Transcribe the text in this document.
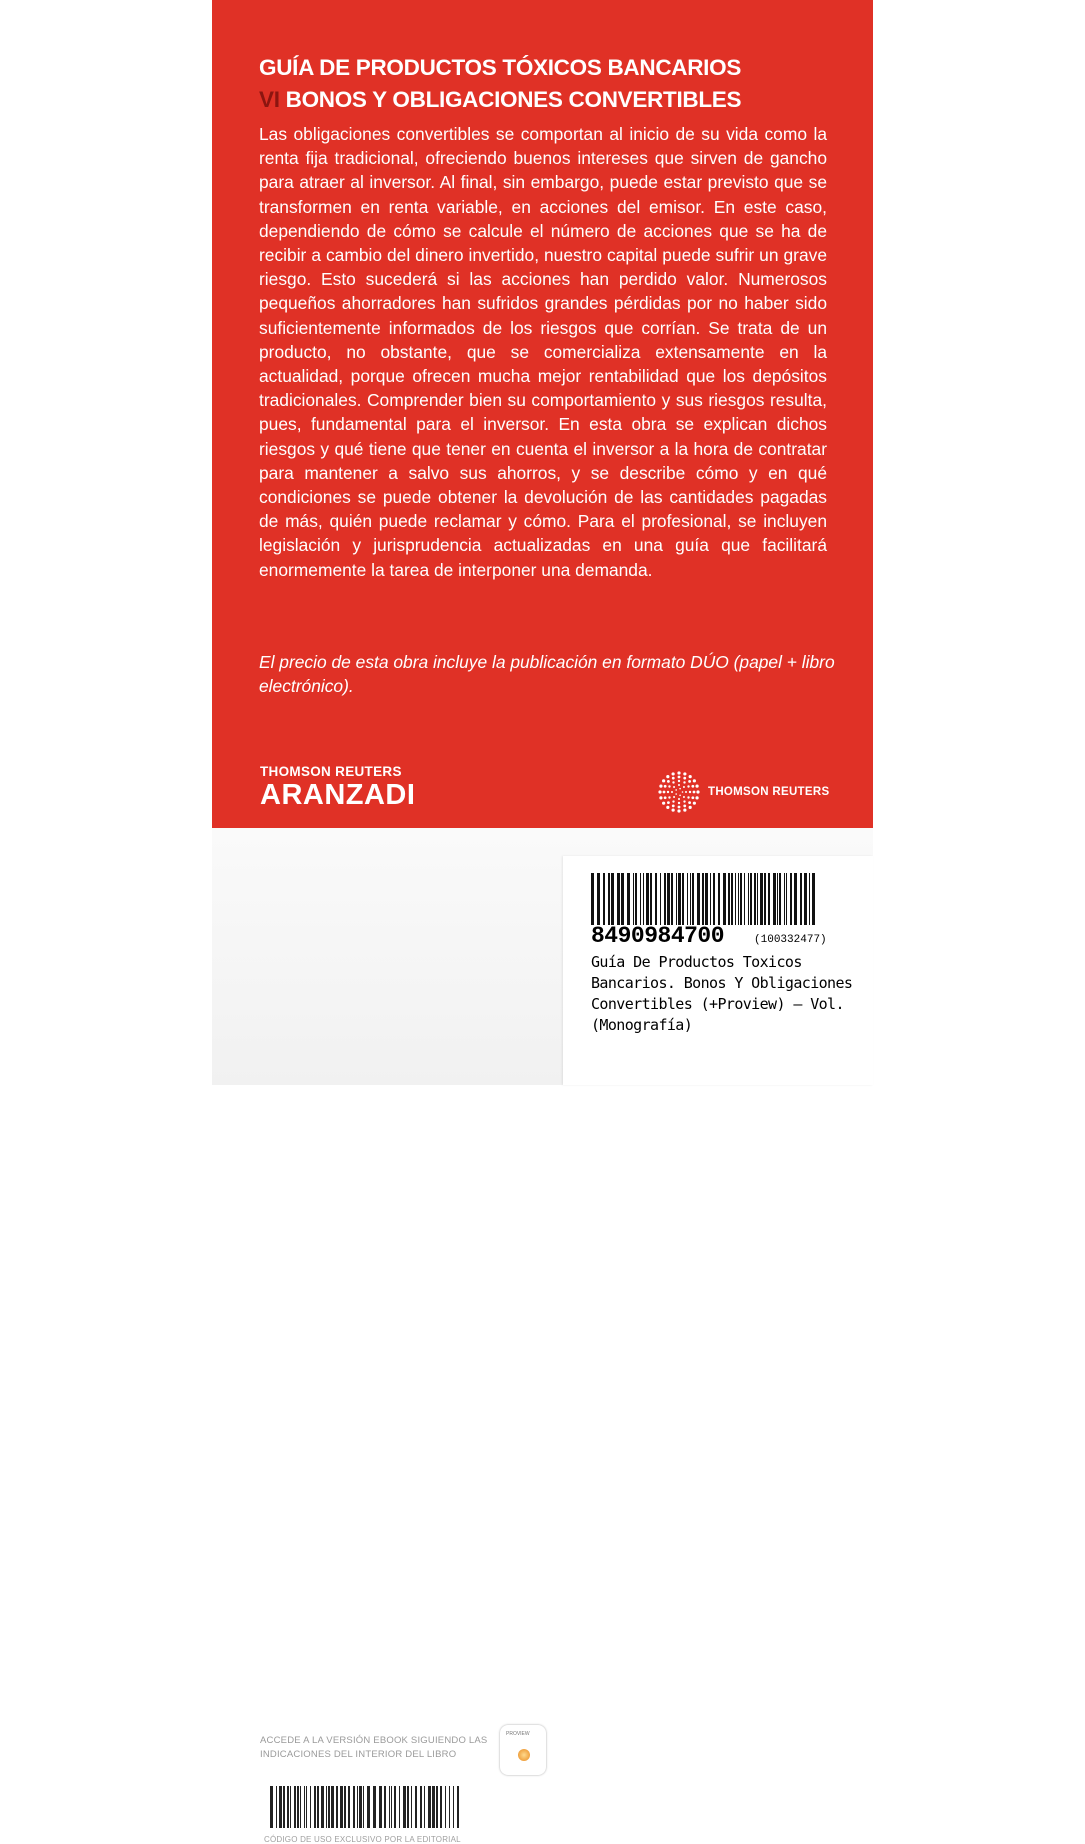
GUÍA DE PRODUCTOS TÓXICOS BANCARIOS
VI BONOS Y OBLIGACIONES CONVERTIBLES

Las obligaciones convertibles se comportan al inicio de su vida como la renta fija tradicional, ofreciendo buenos intereses que sirven de gancho para atraer al inversor. Al final, sin embargo, puede estar previsto que se transformen en renta variable, en acciones del emisor. En este caso, dependiendo de cómo se calcule el número de acciones que se ha de recibir a cambio del dinero invertido, nuestro capital puede sufrir un grave riesgo. Esto sucederá si las acciones han perdido valor. Numerosos pequeños ahorradores han sufridos grandes pérdidas por no haber sido suficientemente informados de los riesgos que corrían. Se trata de un producto, no obstante, que se comercializa extensamente en la actualidad, porque ofrecen mucha mejor rentabilidad que los depósitos tradicionales. Comprender bien su comportamiento y sus riesgos resulta, pues, fundamental para el inversor. En esta obra se explican dichos riesgos y qué tiene que tener en cuenta el inversor a la hora de contratar para mantener a salvo sus ahorros, y se describe cómo y en qué condiciones se puede obtener la devolución de las cantidades pagadas de más, quién puede reclamar y cómo. Para el profesional, se incluyen legislación y jurisprudencia actualizadas en una guía que facilitará enormemente la tarea de interponer una demanda.

El precio de esta obra incluye la publicación en formato DÚO (papel + libro electrónico).

THOMSON REUTERS
ARANZADI	THOMSON REUTERS
ACCEDE A LA VERSIÓN EBOOK SIGUIENDO LAS INDICACIONES DEL INTERIOR DEL LIBRO
PROVIEW
CÓDIGO DE USO EXCLUSIVO POR LA EDITORIAL
8490984700	(100332477)

Guía De Productos Toxicos
Bancarios. Bonos Y Obligaciones
Convertibles (+Proview) — Vol.
(Monografía)
